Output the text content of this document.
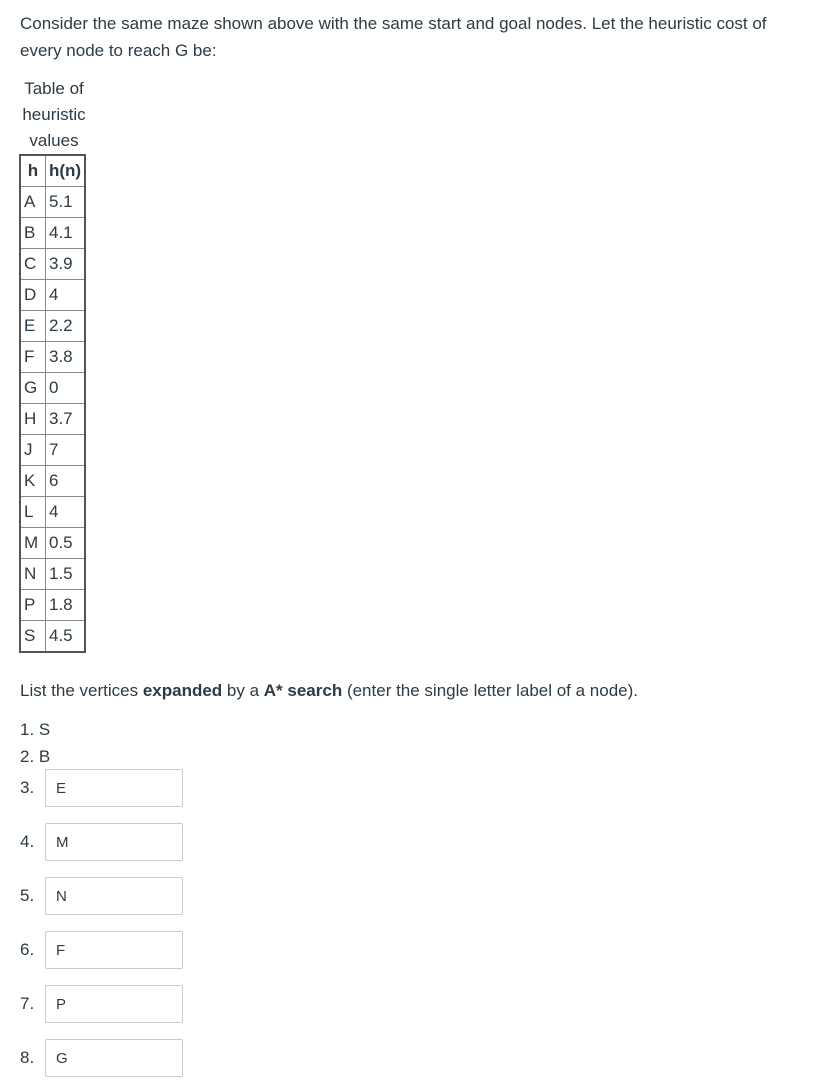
Consider the same maze shown above with the same start and goal nodes. Let the heuristic cost of every node to reach G be:

Table of
heuristic
values
h	h(n)
A	5.1
B	4.1
C	3.9
D	4
E	2.2
F	3.8
G	0
H	3.7
J	7
K	6
L	4
M	0.5
N	1.5
P	1.8
S	4.5

List the vertices expanded by a A* search (enter the single letter label of a node).

1. S
2. B
3.	E
4.	M
5.	N
6.	F
7.	P
8.	G
